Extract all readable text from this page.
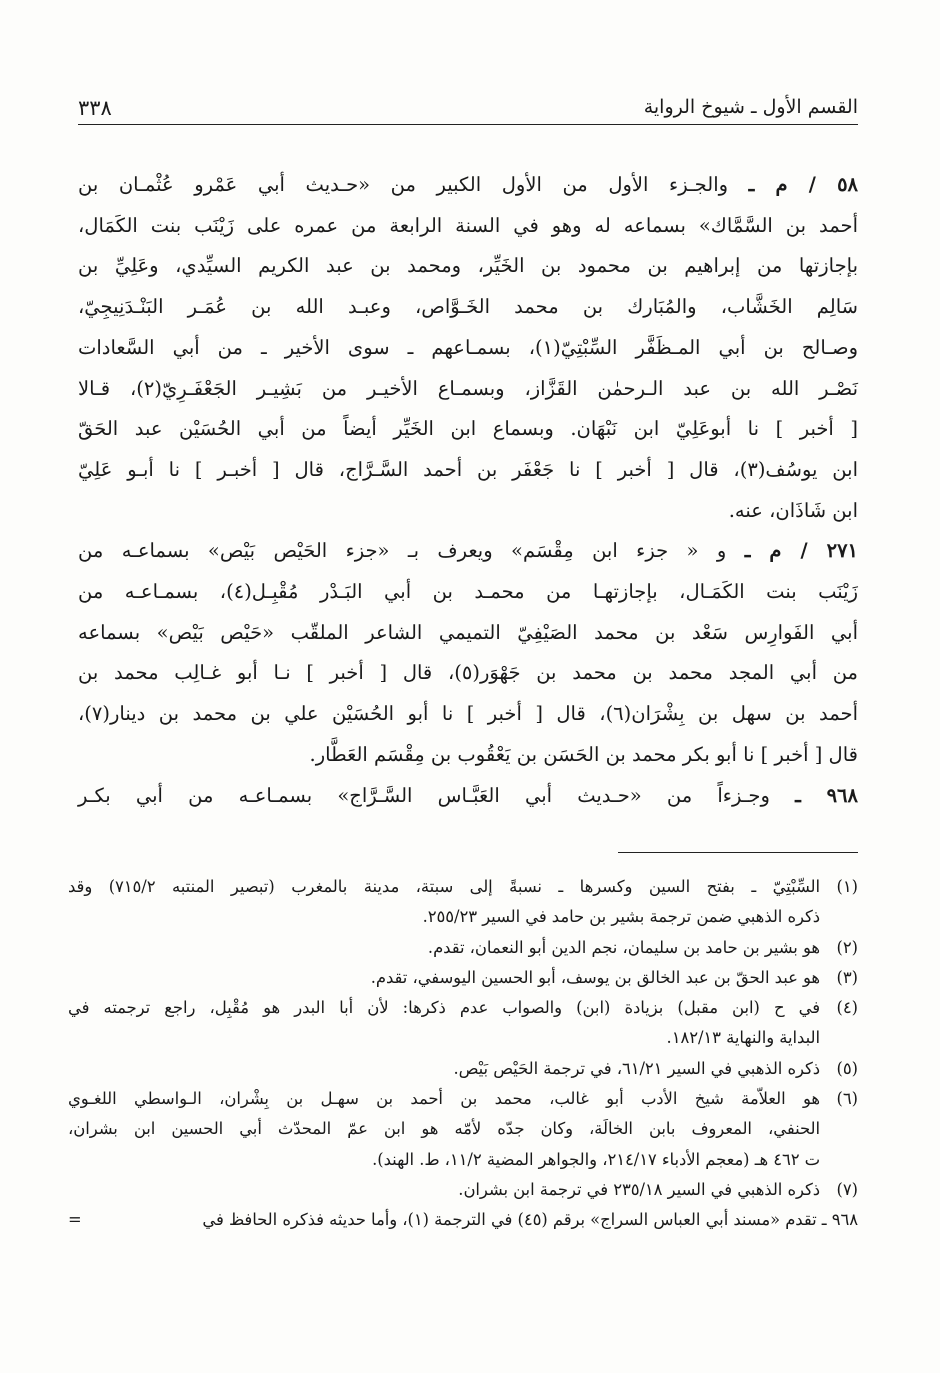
القسم الأول ـ شيوخ الرواية
٣٣٨

٥٨ / م ـ والجـزء الأول من الأول الكبير من «حـديث أبي عَمْرو عُثْمـان بن

أحمد بن السَّمَّاك» بسماعه له وهو في السنة الرابعة من عمره على زَيْنَب بنت الكَمَال،

بإجازتها من إبراهيم بن محمود بن الخَيِّر، ومحمد بن عبد الكريم السيِّدي، وعَلِيِّ بن

سَالِم الخَشَّاب، والمُبَارك بن محمد الخَـوَّاص، وعبـد الله بن عُمَـر البَنْـدَنِيجِيّ،

وصـالح بن أبي المـظَفَّر السِّبْتِيّ(١)، بسمـاعهم ـ سوى الأخير ـ من أبي السَّعادات

نَصْـر الله بن عبد الـرحمٰن القَزَّاز، وبسمـاع الأخيـر من بَشِيـر الجَعْفَـرِيّ(٢)، قـالا

[ أخبر ] نا أبوعَلِيّ ابن نَبْهَان. وبسماع ابن الخَيِّر أيضاً من أبي الحُسَيْن عبد الحَقّ

ابن يوسُف(٣)، قال [ أخبر ] نا جَعْفَر بن أحمد السَّـرَّاج، قال [ أخبـر ] نا أبـو عَلِيّ

ابن شَاذَان، عنه.

٢٧١ / م ـ و « جزء ابن مِقْسَم» ويعرف بـ «جزء الحَيْص بَيْص» بسماعـه من

زَيْنَب بنت الكَمَـال، بإجازتهـا من محمـد بن أبي البَـدْر مُقْبِـل(٤)، بسمـاعـه من

أبي الفَوارِس سَعْد بن محمد الصَيْفِيّ التميمي الشاعر الملقّب «حَيْص بَيْص» بسماعه

من أبي المجد محمد بن محمد بن جَهْوَر(٥)، قال [ أخبر ] نـا أبو غـالِب محمد بن

أحمد بن سهل بن بِشْرَان(٦)، قال [ أخبر ] نا أبو الحُسَيْن علي بن محمد بن دينار(٧)،

قال [ أخبر ] نا أبو بكر محمد بن الحَسَن بن يَعْقُوب بن مِقْسَم العَطَّار.

٩٦٨ ـ وجـزءاً من «حـديث أبي العَبَّـاس السَّـرَّاج» بسمـاعـه من أبي بكـر

(١)
السِّبْتِيّ ـ بفتح السين وكسرها ـ نسبةً إلى سبتة، مدينة بالمغرب (تبصير المنتبه ٧١٥/٢) وقد
ذكره الذهبي ضمن ترجمة بشير بن حامد في السير ٢٥٥/٢٣.
(٢)
هو بشير بن حامد بن سليمان، نجم الدين أبو النعمان، تقدم.
(٣)
هو عبد الحقّ بن عبد الخالق بن يوسف، أبو الحسين اليوسفي، تقدم.
(٤)
في ح (ابن مقبل) بزيادة (ابن) والصواب عدم ذكرها: لأن أبا البدر هو مُقْبِل، راجع ترجمته في
البداية والنهاية ١٨٢/١٣.
(٥)
ذكره الذهبي في السير ٦١/٢١، في ترجمة الحَيْص بَيْص.
(٦)
هو العلاّمة شيخ الأدب أبو غالب، محمد بن أحمد بن سهـل بن بِشْران، الـواسطي اللغـوي
الحنفي، المعروف بابن الخالَة، وكان جدّه لأمّه هو ابن عمّ المحدّث أبي الحسين ابن بشران،
ت ٤٦٢ هـ (معجم الأدباء ٢١٤/١٧، والجواهر المضية ١١/٢، ط. الهند).
(٧)
ذكره الذهبي في السير ٢٣٥/١٨ في ترجمة ابن بشران.
٩٦٨ ـ تقدم «مسند أبي العباس السراج» برقم (٤٥) في الترجمة (١)، وأما حديثه فذكره الحافظ في
=
